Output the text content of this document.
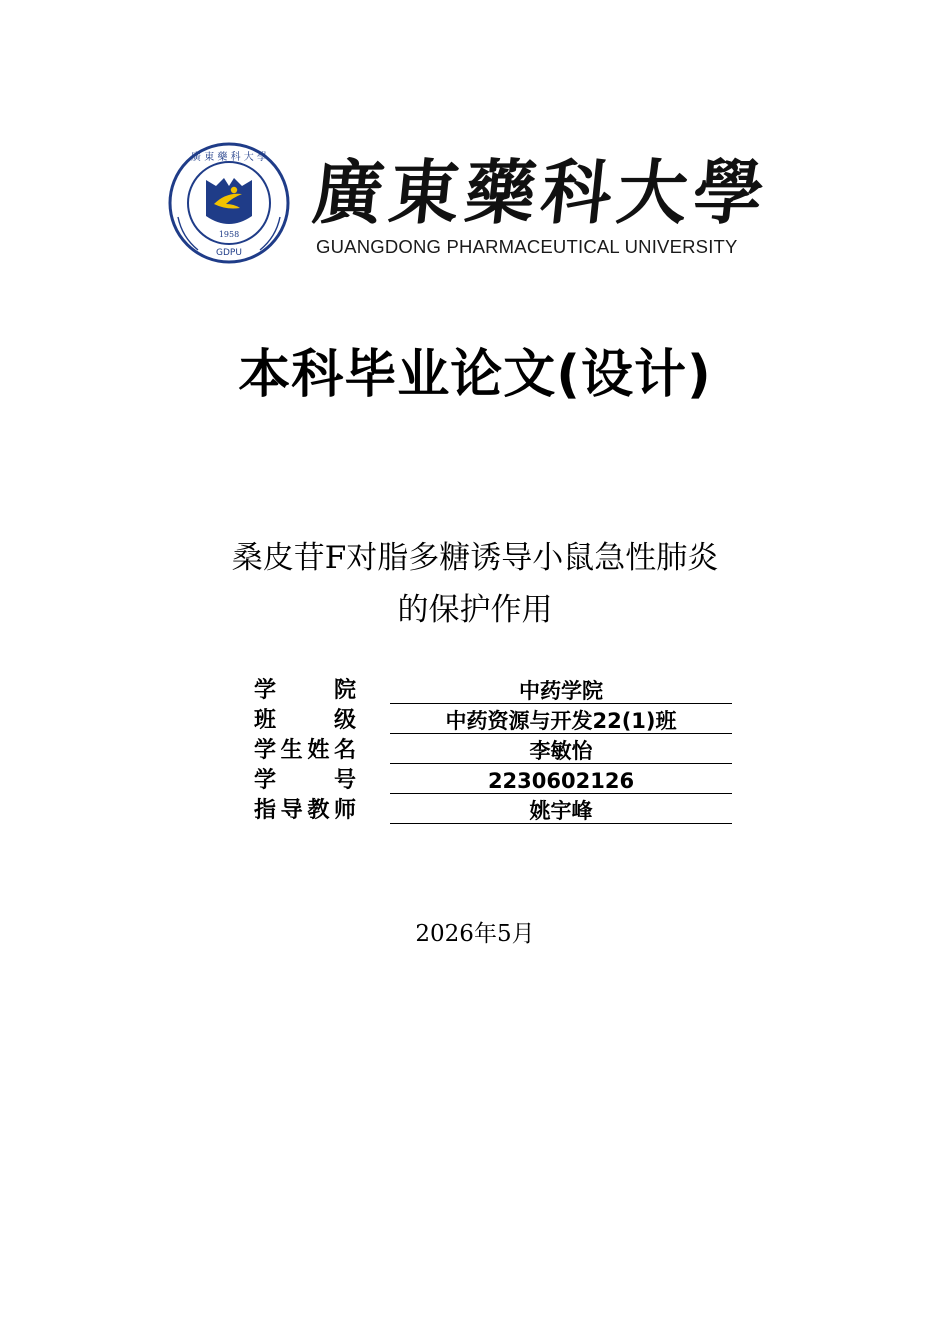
1958
GDPU
廣 東 藥 科 大 學 廣
東
藥
科
大
學
GUANGDONG PHARMACEUTICAL UNIVERSITY
本科毕业论文(设计)
桑皮苷F对脂多糖诱导小鼠急性肺炎
的保护作用
学	院	中药学院
班	级	中药资源与开发22(1)班
学 生 姓 名	李敏怡
学	号	2230602126
指 导 教 师	姚宇峰
2026年5月
